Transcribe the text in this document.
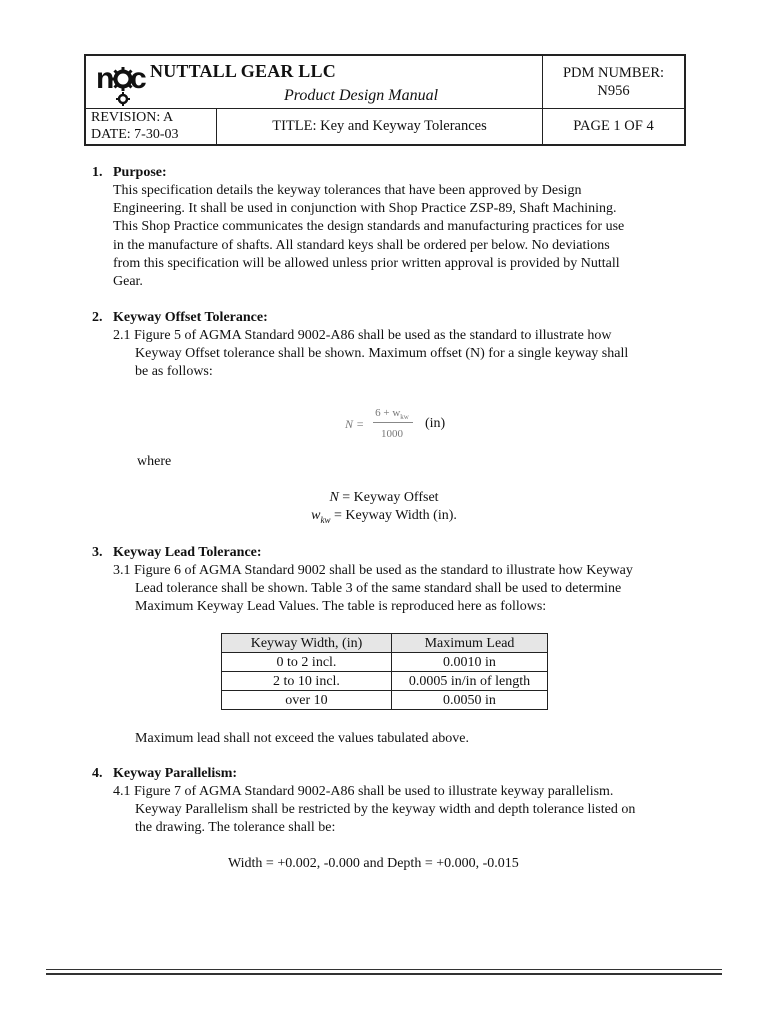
n c NUTTALL GEAR LLC
Product Design Manual
PDM NUMBER:
N956
REVISION: A
DATE: 7-30-03
TITLE: Key and Keyway Tolerances	PAGE 1 OF 4
1. Purpose:
This specification details the keyway tolerances that have been approved by Design
Engineering. It shall be used in conjunction with Shop Practice ZSP-89, Shaft Machining.
This Shop Practice communicates the design standards and manufacturing practices for use
in the manufacture of shafts. All standard keys shall be ordered per below. No deviations
from this specification will be allowed unless prior written approval is provided by Nuttall
Gear.
2. Keyway Offset Tolerance:
2.1 Figure 5 of AGMA Standard 9002-A86 shall be used as the standard to illustrate how
Keyway Offset tolerance shall be shown. Maximum offset (N) for a single keyway shall
be as follows:
N =
$6 + w_{kw}$
1000
(in)
where
N = Keyway Offset
$w_{kw}$ = Keyway Width (in).
3. Keyway Lead Tolerance:
3.1 Figure 6 of AGMA Standard 9002 shall be used as the standard to illustrate how Keyway
Lead tolerance shall be shown. Table 3 of the same standard shall be used to determine
Maximum Keyway Lead Values. The table is reproduced here as follows:
Keyway Width, (in)	Maximum Lead
0 to 2 incl.	0.0010 in
2 to 10 incl.	0.0005 in/in of length
over 10	0.0050 in
Maximum lead shall not exceed the values tabulated above.
4. Keyway Parallelism:
4.1 Figure 7 of AGMA Standard 9002-A86 shall be used to illustrate keyway parallelism.
Keyway Parallelism shall be restricted by the keyway width and depth tolerance listed on
the drawing. The tolerance shall be:
Width = +0.002, -0.000 and Depth = +0.000, -0.015
